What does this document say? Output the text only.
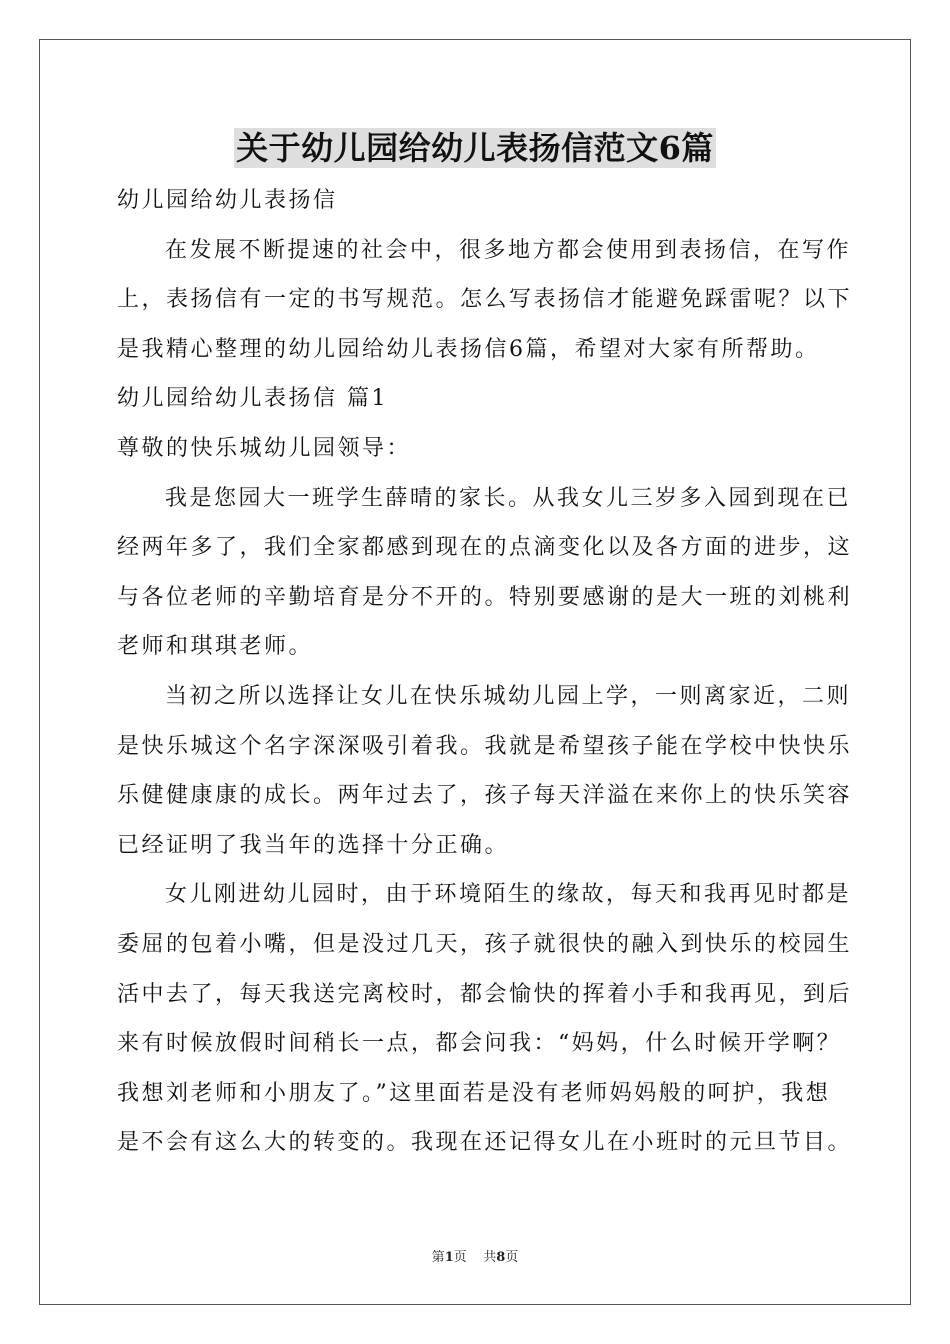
关于幼儿园给幼儿表扬信范文6篇
幼儿园给幼儿表扬信
在发展不断提速的社会中，很多地方都会使用到表扬信，在写作
上，表扬信有一定的书写规范。怎么写表扬信才能避免踩雷呢？以下
是我精心整理的幼儿园给幼儿表扬信6篇，希望对大家有所帮助。
幼儿园给幼儿表扬信 篇1
尊敬的快乐城幼儿园领导：
我是您园大一班学生薛晴的家长。从我女儿三岁多入园到现在已
经两年多了，我们全家都感到现在的点滴变化以及各方面的进步，这
与各位老师的辛勤培育是分不开的。特别要感谢的是大一班的刘桃利
老师和琪琪老师。
当初之所以选择让女儿在快乐城幼儿园上学，一则离家近，二则
是快乐城这个名字深深吸引着我。我就是希望孩子能在学校中快快乐
乐健健康康的成长。两年过去了，孩子每天洋溢在来你上的快乐笑容
已经证明了我当年的选择十分正确。
女儿刚进幼儿园时，由于环境陌生的缘故，每天和我再见时都是
委屈的包着小嘴，但是没过几天，孩子就很快的融入到快乐的校园生
活中去了，每天我送完离校时，都会愉快的挥着小手和我再见，到后
来有时候放假时间稍长一点，都会问我：“妈妈，什么时候开学啊？
我想刘老师和小朋友了。”这里面若是没有老师妈妈般的呵护，我想
是不会有这么大的转变的。我现在还记得女儿在小班时的元旦节目。
第1页    共8页
